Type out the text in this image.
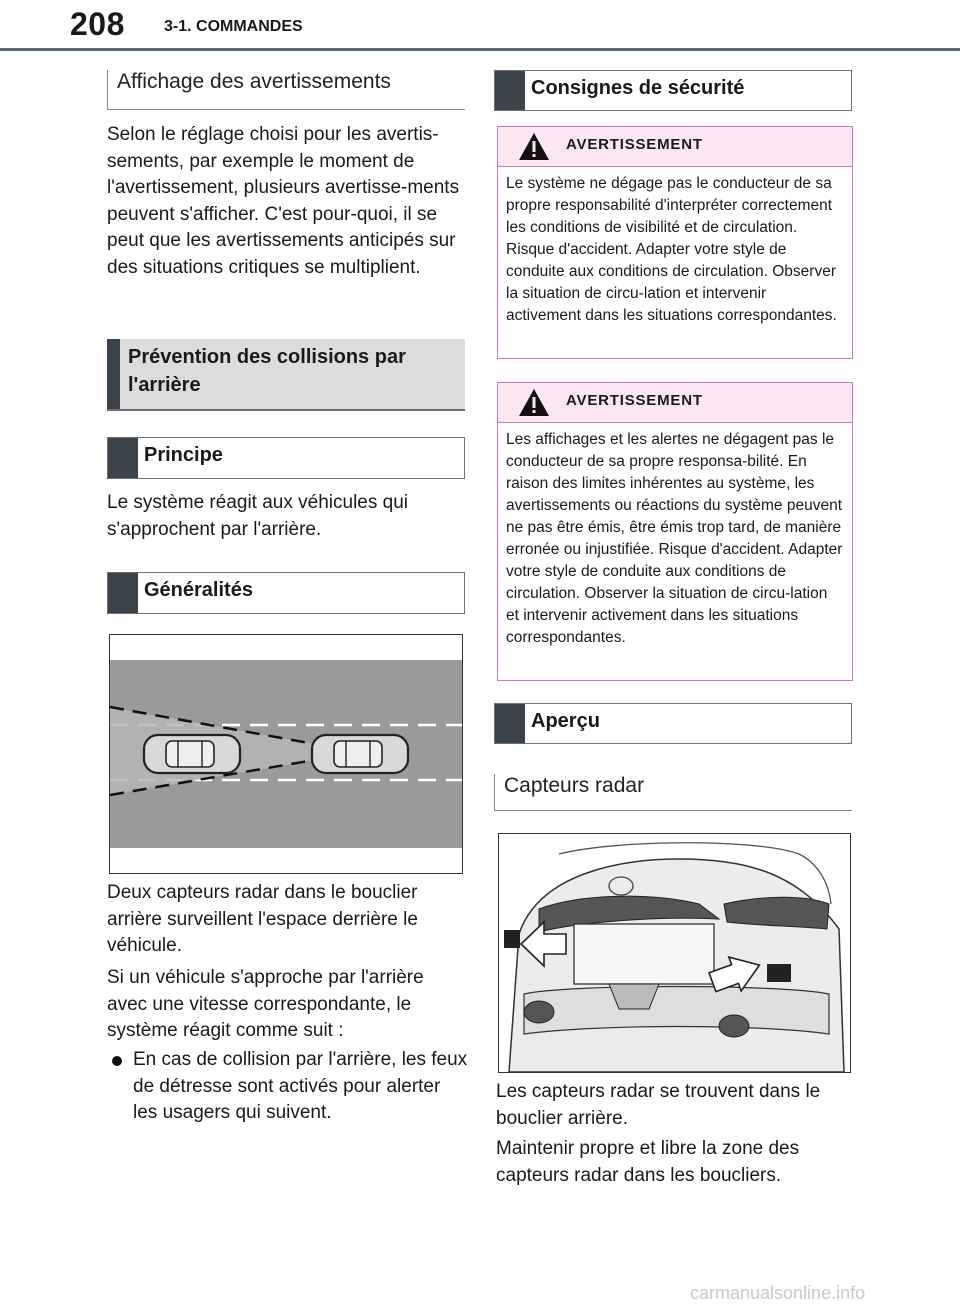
208 3-1. COMMANDES
Affichage des avertissements

Selon le réglage choisi pour les avertis-sements, par exemple le moment de l'avertissement, plusieurs avertisse-ments peuvent s'afficher. C'est pour-quoi, il se peut que les avertissements anticipés sur des situations critiques se multiplient.

Prévention des collisions par l'arrière
Principe

Le système réagit aux véhicules qui s'approchent par l'arrière.

Généralités

Deux capteurs radar dans le bouclier arrière surveillent l'espace derrière le véhicule.

Si un véhicule s'approche par l'arrière avec une vitesse correspondante, le système réagit comme suit :

En cas de collision par l'arrière, les feux de détresse sont activés pour alerter les usagers qui suivent.
Consignes de sécurité
AVERTISSEMENT
Le système ne dégage pas le conducteur de sa propre responsabilité d'interpréter correctement les conditions de visibilité et de circulation. Risque d'accident. Adapter votre style de conduite aux conditions de circulation. Observer la situation de circu-lation et intervenir activement dans les situations correspondantes.
AVERTISSEMENT
Les affichages et les alertes ne dégagent pas le conducteur de sa propre responsa-bilité. En raison des limites inhérentes au système, les avertissements ou réactions du système peuvent ne pas être émis, être émis trop tard, de manière erronée ou injustifiée. Risque d'accident. Adapter votre style de conduite aux conditions de circulation. Observer la situation de circu-lation et intervenir activement dans les situations correspondantes.
Aperçu
Capteurs radar

Les capteurs radar se trouvent dans le bouclier arrière.

Maintenir propre et libre la zone des capteurs radar dans les boucliers.

carmanualsonline.info
